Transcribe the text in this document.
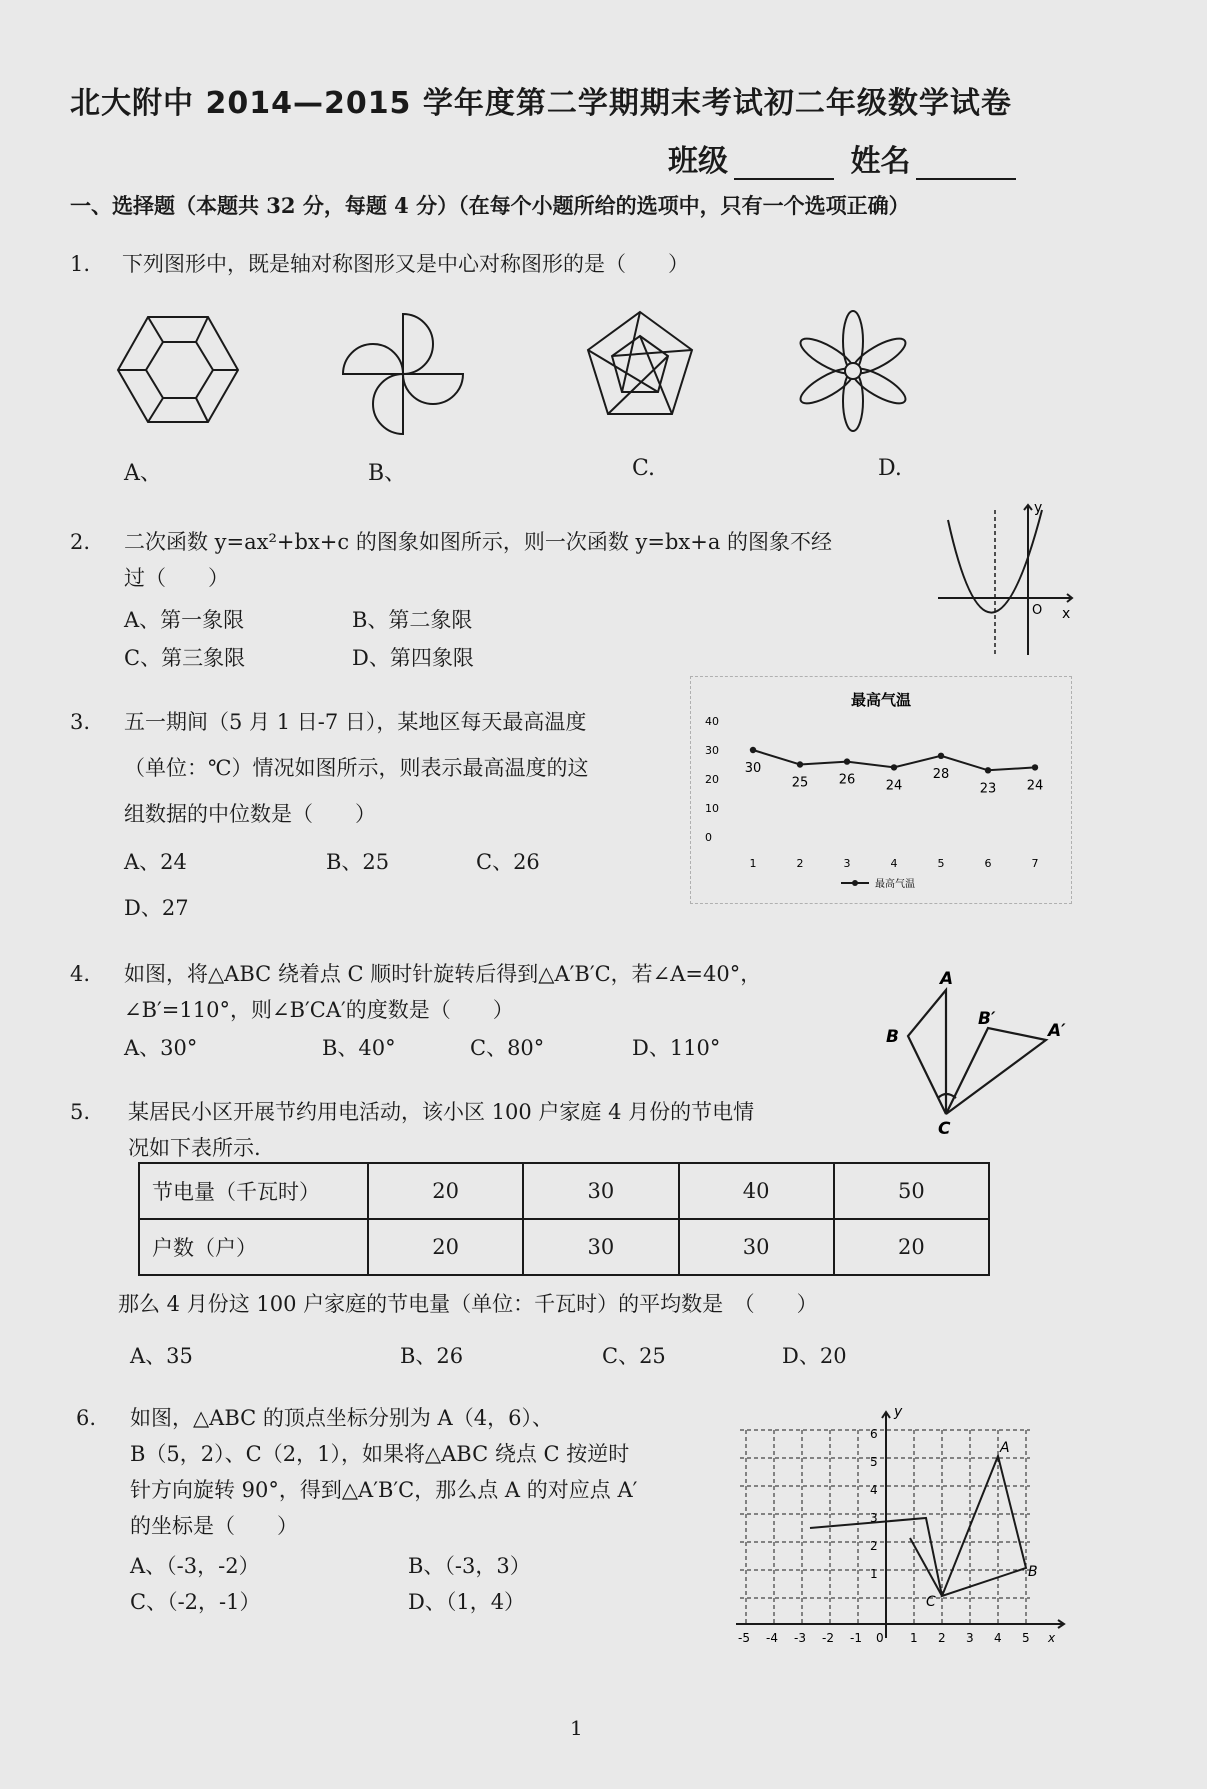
北大附中 2014—2015 学年度第二学期期末考试初二年级数学试卷
班级	姓名
一、选择题（本题共 32 分，每题 4 分）（在每个小题所给的选项中，只有一个选项正确）
1. 下列图形中，既是轴对称图形又是中心对称图形的是（　　）
A、	B、	C.	D.
2. 二次函数 y=ax²+bx+c 的图象如图所示，则一次函数 y=bx+a 的图象不经
过（　　）
A、第一象限	B、第二象限
C、第三象限	D、第四象限
y
x
O
3. 五一期间（5 月 1 日-7 日），某地区每天最高温度
（单位：℃）情况如图所示，则表示最高温度的这
组数据的中位数是（　　）
A、24	B、25	C、26
D、27
最高气温
40
30
20
10
0
30
1
25
2
26
3
24
4
28
5
23
6
24
7
最高气温
4. 如图，将△ABC 绕着点 C 顺时针旋转后得到△A′B′C，若∠A=40°，
∠B′=110°，则∠B′CA′的度数是（　　）
A、30°	B、40°	C、80°	D、110°
A
B
C
B′
A′
5. 某居民小区开展节约用电活动，该小区 100 户家庭 4 月份的节电情
况如下表所示.
节电量（千瓦时）	20	30	40	50
户数（户）	20	30	30	20
那么 4 月份这 100 户家庭的节电量（单位：千瓦时）的平均数是　（　　）
A、35	B、26	C、25	D、20
6. 如图，△ABC 的顶点坐标分别为 A（4，6）、
B（5，2）、C（2，1），如果将△ABC 绕点 C 按逆时
针方向旋转 90°，得到△A′B′C，那么点 A 的对应点 A′
的坐标是（　　）
A、（-3，-2）	B、（-3，3）
C、（-2，-1）	D、（1，4）
y
A
B
C
6
5
4
3
2
1
-5 -4 -3 -2 -1 0 1 2 3 4 5 x
1
